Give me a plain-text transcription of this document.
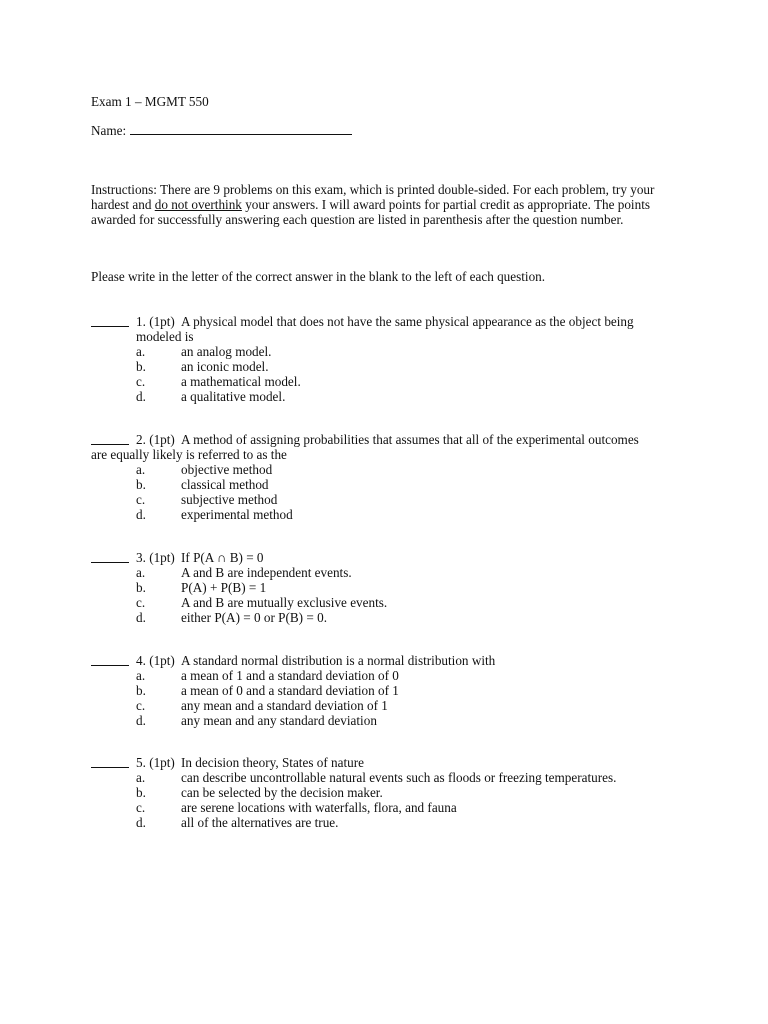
Exam 1 – MGMT 550
Name:
Instructions: There are 9 problems on this exam, which is printed double-sided. For each problem, try your hardest and do not overthink your answers. I will award points for partial credit as appropriate. The points awarded for successfully answering each question are listed in parenthesis after the question number.
Please write in the letter of the correct answer in the blank to the left of each question.
1. (1pt) A physical model that does not have the same physical appearance as the object being
modeled is
a.	an analog model.
b.	an iconic model.
c.	a mathematical model.
d.	a qualitative model.
2. (1pt) A method of assigning probabilities that assumes that all of the experimental outcomes
are equally likely is referred to as the
a.	objective method
b.	classical method
c.	subjective method
d.	experimental method
3. (1pt) If P(A ∩ B) = 0
a.	A and B are independent events.
b.	P(A) + P(B) = 1
c.	A and B are mutually exclusive events.
d.	either P(A) = 0 or P(B) = 0.
4. (1pt) A standard normal distribution is a normal distribution with
a.	a mean of 1 and a standard deviation of 0
b.	a mean of 0 and a standard deviation of 1
c.	any mean and a standard deviation of 1
d.	any mean and any standard deviation
5. (1pt) In decision theory, States of nature
a.	can describe uncontrollable natural events such as floods or freezing temperatures.
b.	can be selected by the decision maker.
c.	are serene locations with waterfalls, flora, and fauna
d.	all of the alternatives are true.
